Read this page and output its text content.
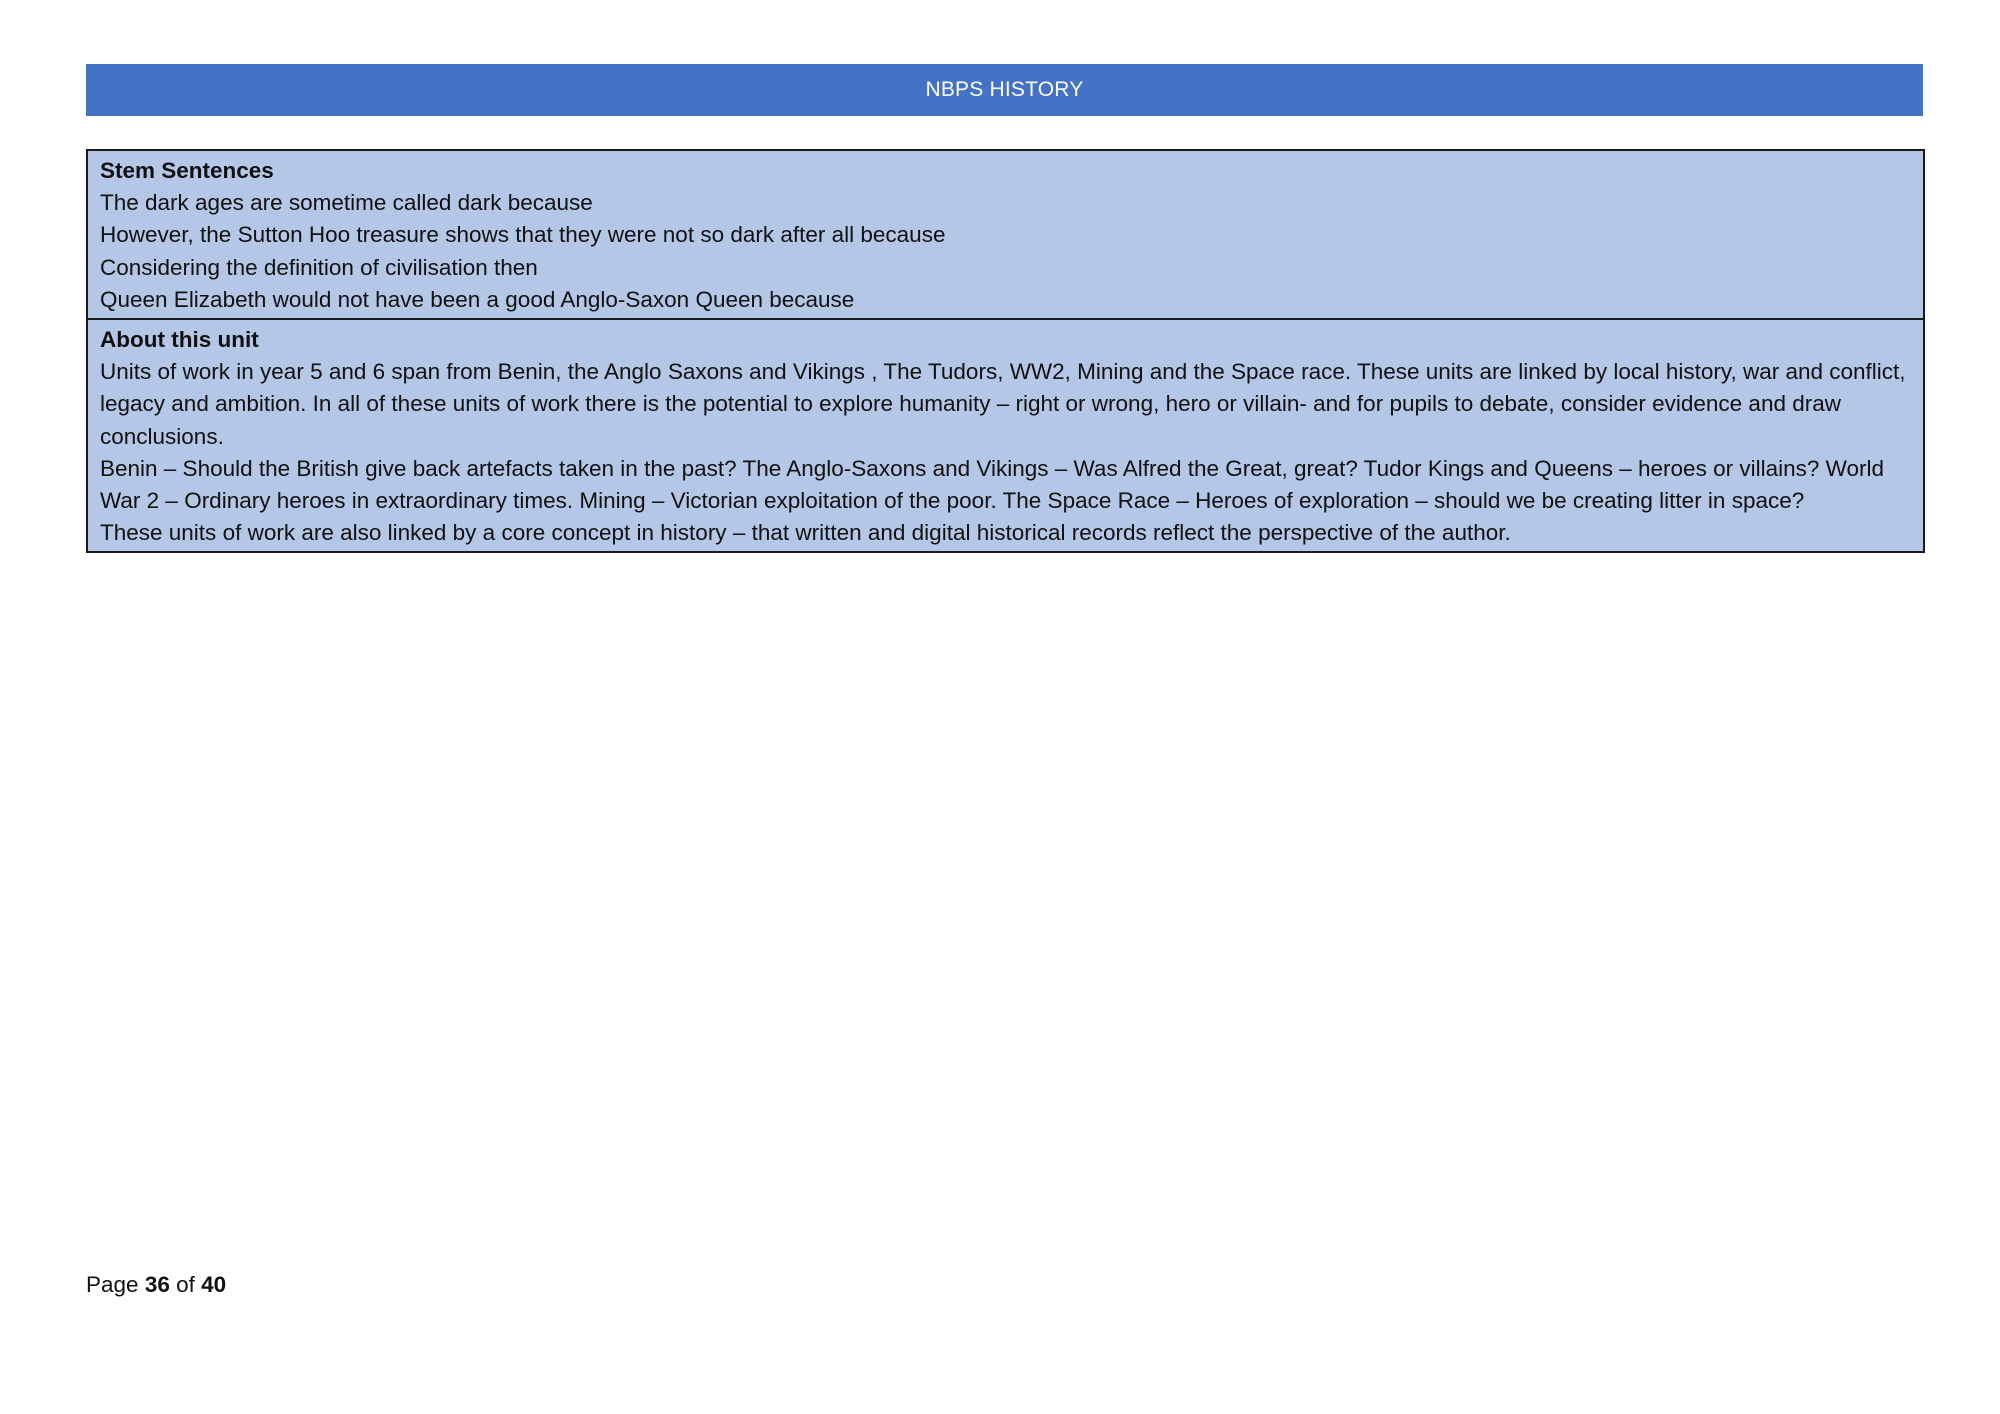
NBPS HISTORY
Stem Sentences
The dark ages are sometime called dark because
However, the Sutton Hoo treasure shows that they were not so dark after all because
Considering the definition of civilisation then
Queen Elizabeth would not have been a good Anglo-Saxon Queen because
About this unit
Units of work in year 5 and 6 span from Benin, the Anglo Saxons and Vikings , The Tudors, WW2, Mining and the Space race. These units are linked by local history, war and conflict, legacy and ambition. In all of these units of work there is the potential to explore humanity – right or wrong, hero or villain- and for pupils to debate, consider evidence and draw conclusions.
Benin – Should the British give back artefacts taken in the past? The Anglo-Saxons and Vikings – Was Alfred the Great, great? Tudor Kings and Queens – heroes or villains? World War 2 – Ordinary heroes in extraordinary times. Mining – Victorian exploitation of the poor. The Space Race – Heroes of exploration – should we be creating litter in space?
These units of work are also linked by a core concept in history – that written and digital historical records reflect the perspective of the author.
Page 36 of 40
